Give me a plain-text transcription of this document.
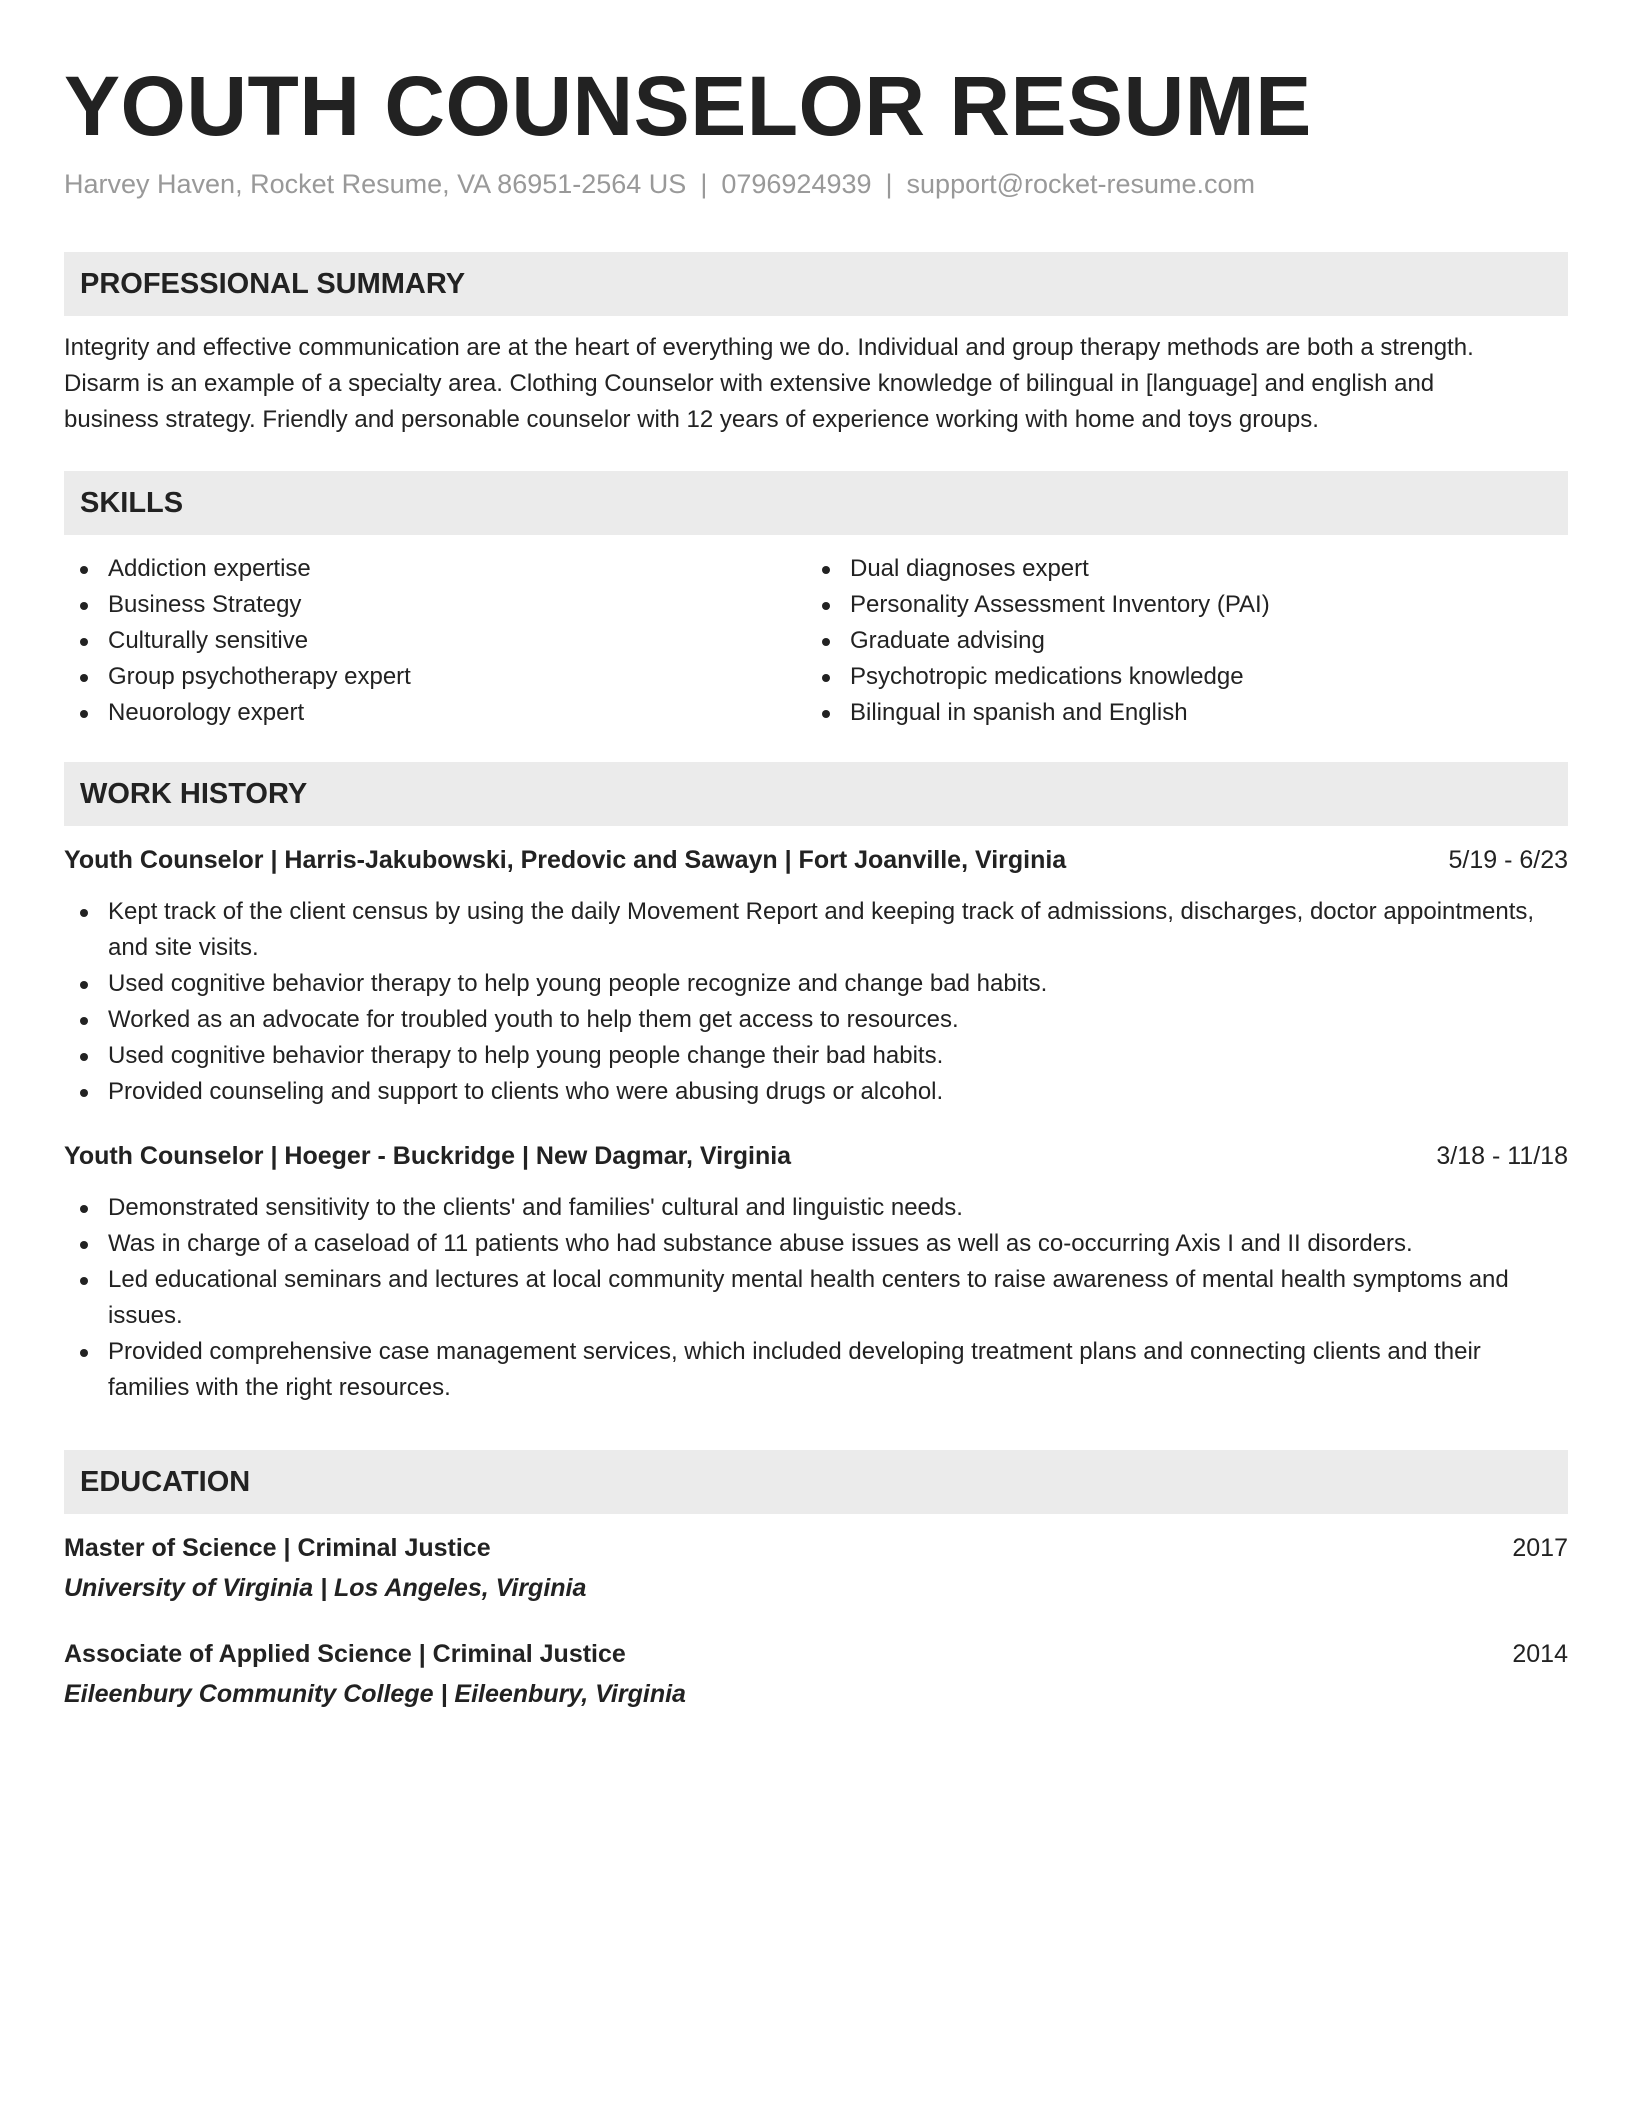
YOUTH COUNSELOR RESUME
Harvey Haven, Rocket Resume, VA 86951-2564 US | 0796924939 | support@rocket-resume.com
PROFESSIONAL SUMMARY
Integrity and effective communication are at the heart of everything we do. Individual and group therapy methods are both a strength.
Disarm is an example of a specialty area. Clothing Counselor with extensive knowledge of bilingual in [language] and english and
business strategy. Friendly and personable counselor with 12 years of experience working with home and toys groups.
SKILLS
Addiction expertise
Business Strategy
Culturally sensitive
Group psychotherapy expert
Neuorology expert
Dual diagnoses expert
Personality Assessment Inventory (PAI)
Graduate advising
Psychotropic medications knowledge
Bilingual in spanish and English
WORK HISTORY
Youth Counselor | Harris-Jakubowski, Predovic and Sawayn | Fort Joanville, Virginia	5/19 - 6/23
Kept track of the client census by using the daily Movement Report and keeping track of admissions, discharges, doctor appointments, and site visits.
Used cognitive behavior therapy to help young people recognize and change bad habits.
Worked as an advocate for troubled youth to help them get access to resources.
Used cognitive behavior therapy to help young people change their bad habits.
Provided counseling and support to clients who were abusing drugs or alcohol.
Youth Counselor | Hoeger - Buckridge | New Dagmar, Virginia	3/18 - 11/18
Demonstrated sensitivity to the clients' and families' cultural and linguistic needs.
Was in charge of a caseload of 11 patients who had substance abuse issues as well as co-occurring Axis I and II disorders.
Led educational seminars and lectures at local community mental health centers to raise awareness of mental health symptoms and issues.
Provided comprehensive case management services, which included developing treatment plans and connecting clients and their families with the right resources.
EDUCATION
Master of Science | Criminal Justice	2017
University of Virginia | Los Angeles, Virginia
Associate of Applied Science | Criminal Justice	2014
Eileenbury Community College | Eileenbury, Virginia
